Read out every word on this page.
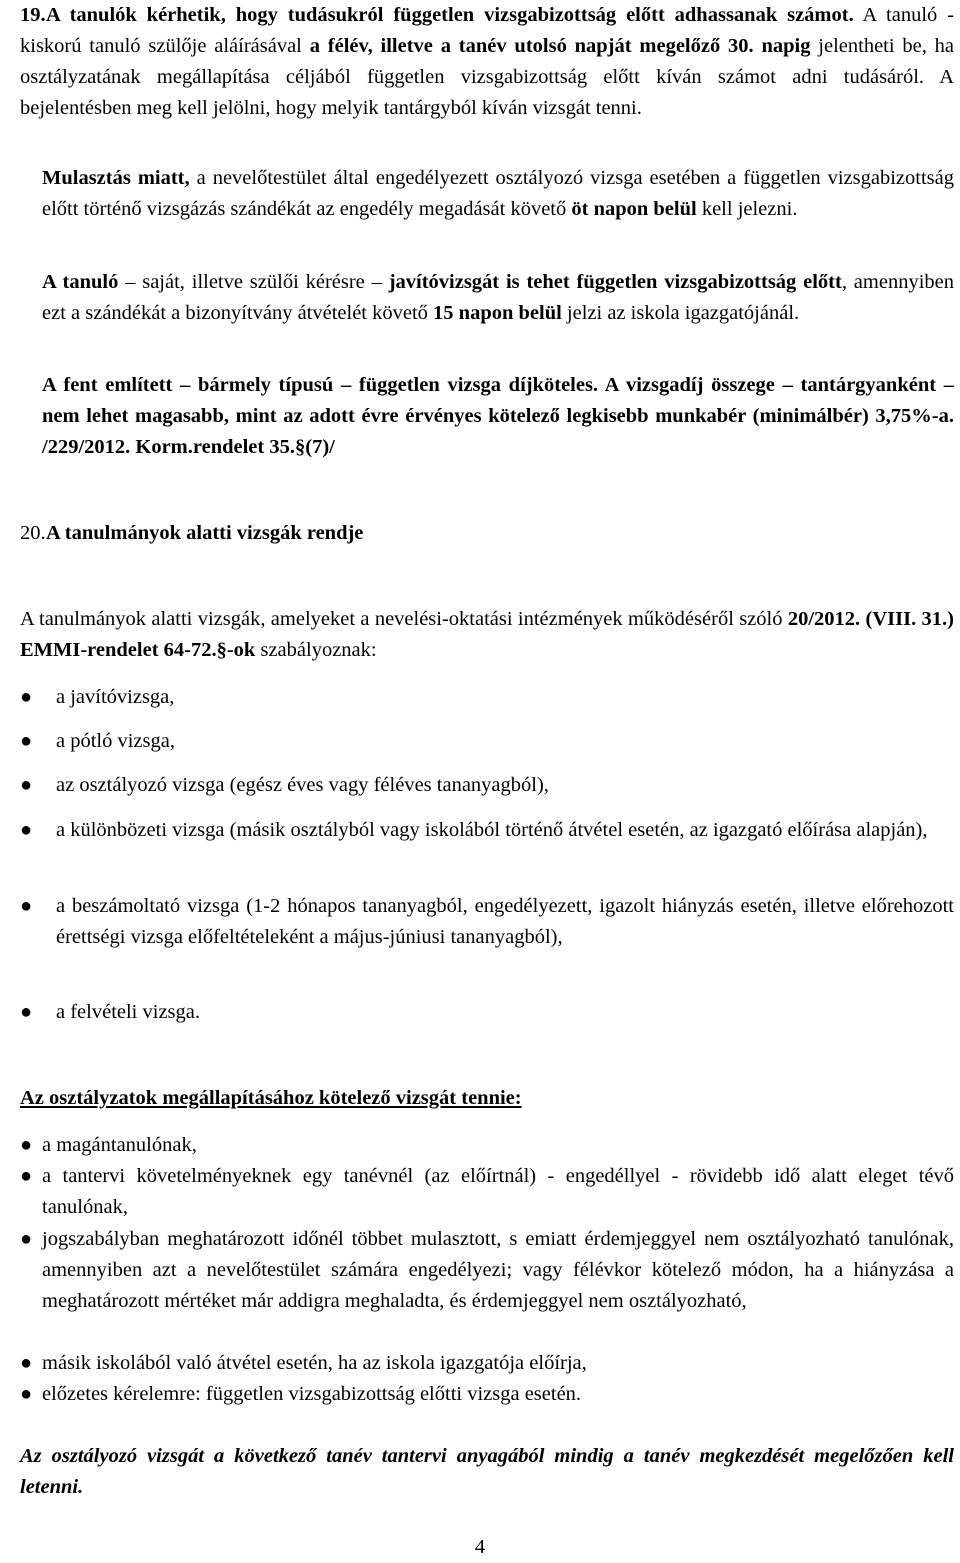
19.A tanulók kérhetik, hogy tudásukról független vizsgabizottság előtt adhassanak számot. A tanuló - kiskorú tanuló szülője aláírásával a félév, illetve a tanév utolsó napját megelőző 30. napig jelentheti be, ha osztályzatának megállapítása céljából független vizsgabizottság előtt kíván számot adni tudásáról. A bejelentésben meg kell jelölni, hogy melyik tantárgyból kíván vizsgát tenni.

Mulasztás miatt, a nevelőtestület által engedélyezett osztályozó vizsga esetében a független vizsgabizottság előtt történő vizsgázás szándékát az engedély megadását követő öt napon belül kell jelezni.

A tanuló – saját, illetve szülői kérésre – javítóvizsgát is tehet független vizsgabizottság előtt, amennyiben ezt a szándékát a bizonyítvány átvételét követő 15 napon belül jelzi az iskola igazgatójánál.

A fent említett – bármely típusú – független vizsga díjköteles. A vizsgadíj összege – tantárgyanként – nem lehet magasabb, mint az adott évre érvényes kötelező legkisebb munkabér (minimálbér) 3,75%-a. /229/2012. Korm.rendelet 35.§(7)/

20.A tanulmányok alatti vizsgák rendje

A tanulmányok alatti vizsgák, amelyeket a nevelési-oktatási intézmények működéséről szóló 20/2012. (VIII. 31.) EMMI-rendelet 64-72.§-ok szabályoznak:

● a javítóvizsga,
● a pótló vizsga,
● az osztályozó vizsga (egész éves vagy féléves tananyagból),
● a különbözeti vizsga (másik osztályból vagy iskolából történő átvétel esetén, az igazgató előírása alapján),
● a beszámoltató vizsga (1-2 hónapos tananyagból, engedélyezett, igazolt hiányzás esetén, illetve előrehozott érettségi vizsga előfeltételeként a május-júniusi tananyagból),
● a felvételi vizsga.

Az osztályzatok megállapításához kötelező vizsgát tennie:

● a magántanulónak,
● a tantervi követelményeknek egy tanévnél (az előírtnál) - engedéllyel - rövidebb idő alatt eleget tévő tanulónak,
● jogszabályban meghatározott időnél többet mulasztott, s emiatt érdemjeggyel nem osztályozható tanulónak, amennyiben azt a nevelőtestület számára engedélyezi; vagy félévkor kötelező módon, ha a hiányzása a meghatározott mértéket már addigra meghaladta, és érdemjeggyel nem osztályozható,
● másik iskolából való átvétel esetén, ha az iskola igazgatója előírja,
● előzetes kérelemre: független vizsgabizottság előtti vizsga esetén.

Az osztályozó vizsgát a következő tanév tantervi anyagából mindig a tanév megkezdését megelőzően kell letenni.

4
